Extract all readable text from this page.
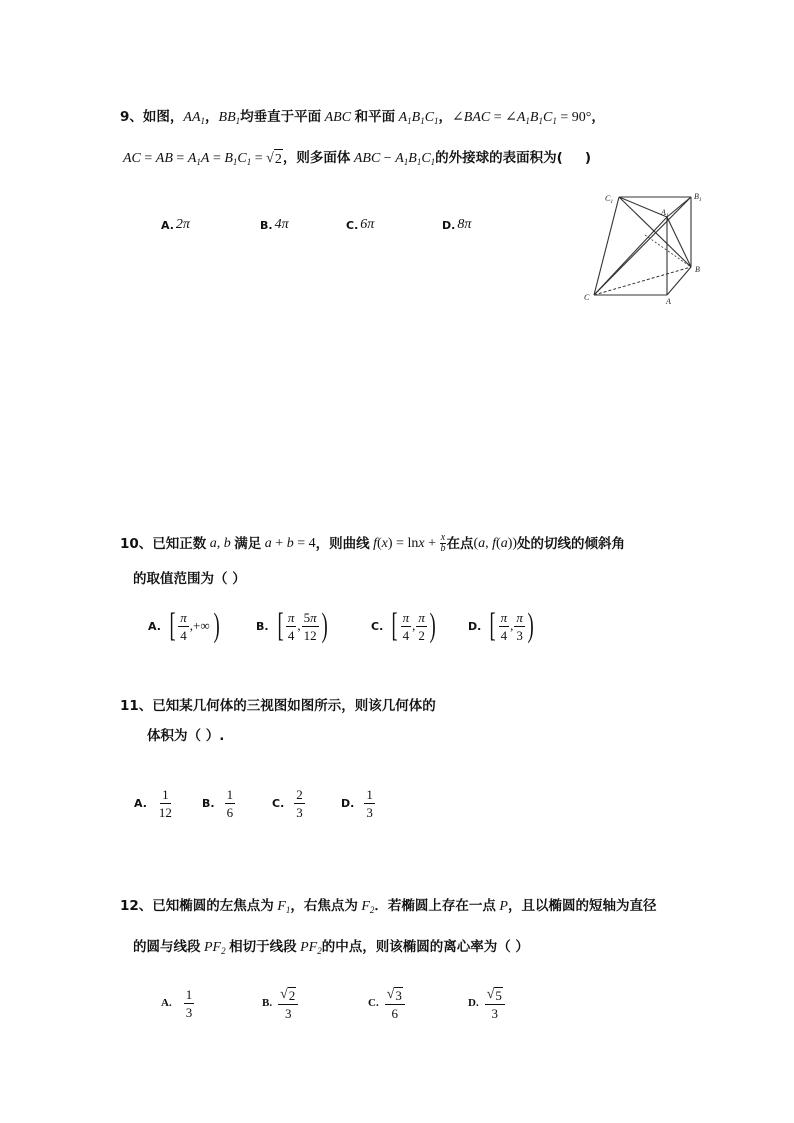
9、如图，$AA_1$，$BB_1$均垂直于平面 ABC 和平面 $A_1B_1C_1$，∠BAC = $\angle A_1B_1C_1 = 90^\circ$，
AC = AB = $A_1A = B_1C_1$ = √ 2 ，则多面体 ABC − $A_1B_1C_1$的外接球的表面积为( )
A. 2π	B. 4π	C. 6π	D. 8π
$C_1$
$B_1$
$A_1$
B
C	A
10、已知正数 a, b 满足 a + b = 4 ，则曲线 f ( x ) = $\ln x + \frac{x}{b}$ 在点 ( a , f ( a )) 处的切线的倾斜角
的取值范围为（ ）
A. [ $\frac{\pi}{4}$ ,+∞ )	B. [ $\frac{\pi}{4}$ , $\frac{5\pi}{12}$ )	C. [ $\frac{\pi}{4}$ , $\frac{\pi}{2}$ )	D. [ $\frac{\pi}{4}$ , $\frac{\pi}{3}$ )
11、已知某几何体的三视图如图所示，则该几何体的
体积为（ ）.
A. $\frac{1}{12}$	B. $\frac{1}{6}$	C. $\frac{2}{3}$	D. $\frac{1}{3}$
12、已知椭圆的左焦点为 $F_1$，右焦点为 $F_2$．若椭圆上存在一点 P，且以椭圆的短轴为直径
的圆与线段 $PF_2$ 相切于线段 $PF_2$的中点，则该椭圆的离心率为（ ）
A. $\frac{1}{3}$	B. $\frac{√ 2}{3}$	C. $\frac{√ 3}{6}$	D. $\frac{√ 5}{3}$
